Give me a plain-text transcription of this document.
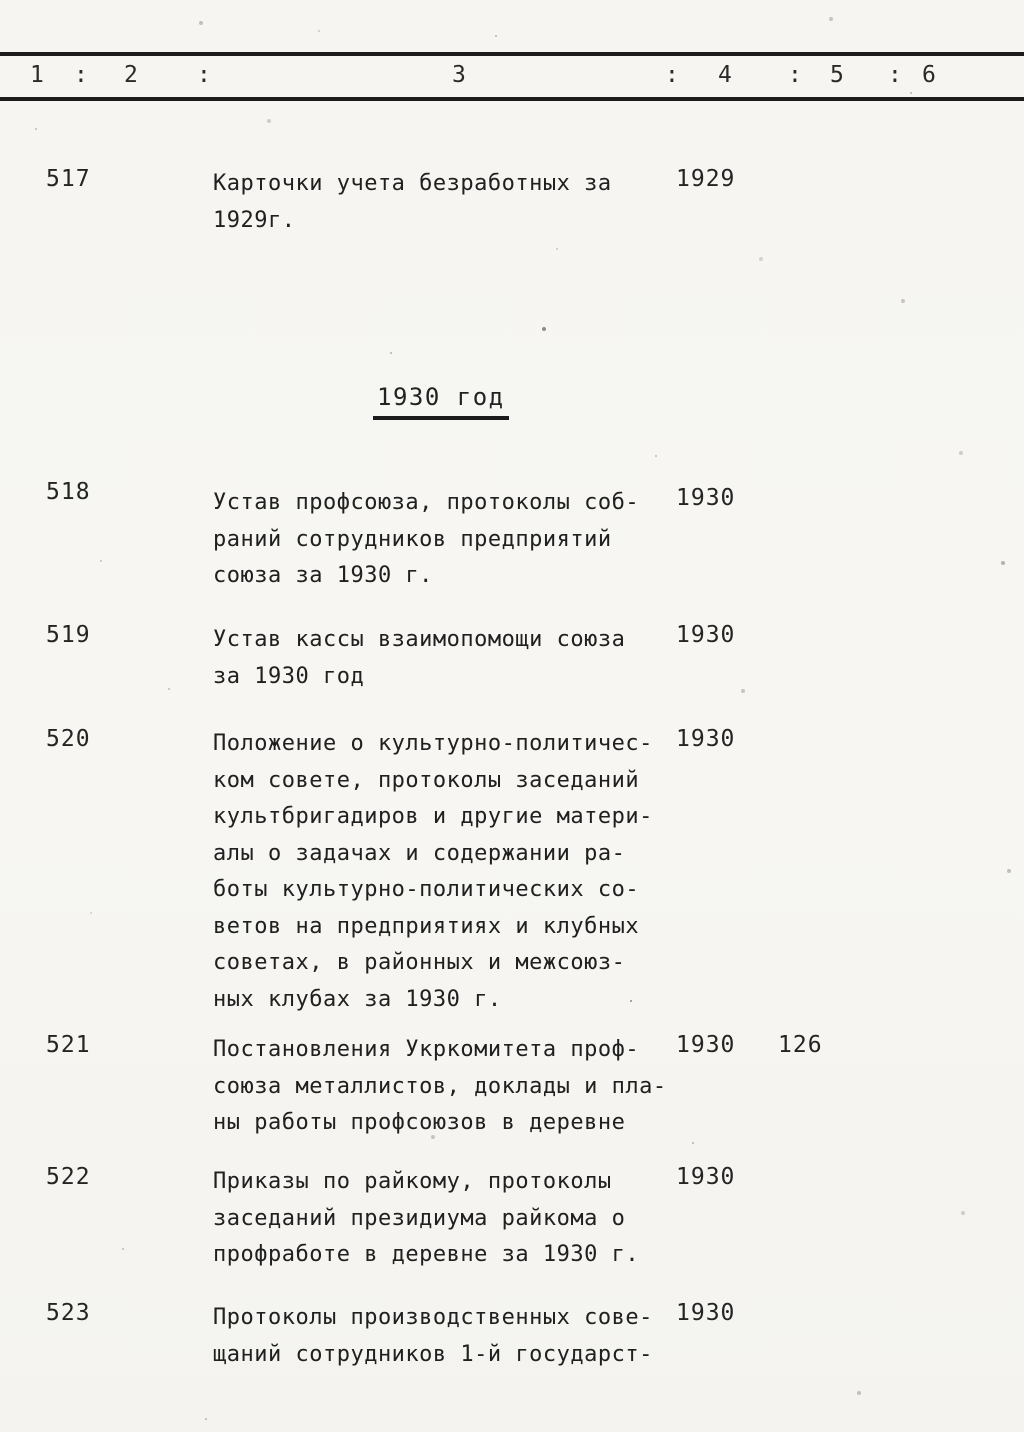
1 : 2	:	3	: 4 : 5 : 6
517	Карточки учета безработных за
1929г.
1929
1930 год
518	Устав профсоюза, протоколы соб-
раний сотрудников предприятий
союза за 1930 г.
1930
519	Устав кассы взаимопомощи союза
за 1930 год
1930
520	Положение о культурно-политичес-
ком совете, протоколы заседаний
культбригадиров и другие матери-
алы о задачах и содержании ра-
боты культурно-политических со-
ветов на предприятиях и клубных
советах, в районных и межсоюз-
ных клубах за 1930 г.
1930
521	Постановления Укркомитета проф-
союза металлистов, доклады и пла-
ны работы профсоюзов в деревне
1930 126
522	Приказы по райкому, протоколы
заседаний президиума райкома о
профработе в деревне за 1930 г.
1930
523	Протоколы производственных сове-
щаний сотрудников 1-й государст-
1930
